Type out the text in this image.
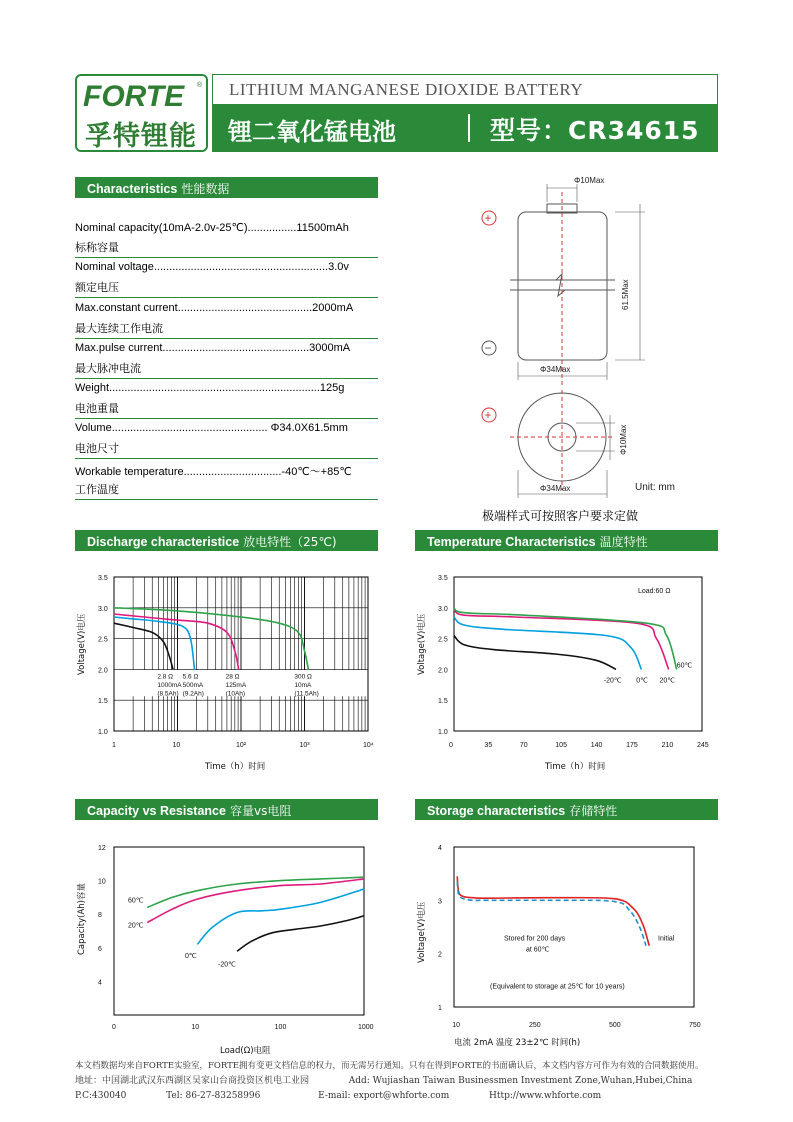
FORTE ®
孚特锂能
LITHIUM MANGANESE DIOXIDE BATTERY
锂二氧化锰电池	型号：CR34615
Characteristics 性能数据
Nominal capacity(10mA-2.0v-25℃)................11500mAh
标称容量
Nominal voltage.........................................................3.0v
额定电压
Max.constant current............................................2000mA
最大连续工作电流
Max.pulse current................................................3000mA
最大脉冲电流
Weight.....................................................................125g
电池重量
Volume................................................... Φ34.0X61.5mm
电池尺寸
Workable temperature................................-40℃～+85℃
工作温度
Φ10Max
61.5Max
Φ34Max
+
−
Φ10Max
Φ34Max
+
Unit: mm
极端样式可按照客户要求定做
Discharge characteristice 放电特性（25℃)	Temperature Characteristics 温度特性
Capacity vs Resistance 容量vs电阻	Storage characteristics 存储特性
1.0
1.5
2.0
2.5
3.0
3.5
1	10	10²	10³	10⁴
2.8 Ω
1000mA
(8.5Ah)
5.6 Ω
500mA
(9.2Ah)
28 Ω
125mA
(10Ah)
300 Ω
10mA
(11.5Ah)
Time（h）时间
Voltage(V)电压
1.0
1.5
2.0
2.5
3.0
3.5
0	35	70	105	140	175	210	245
Load:60 Ω
-20℃ 0℃ 20℃
60℃
Time（h）时间
Voltage(V)电压
4
6
8
10
12
0	10	100	1000
60℃
20℃
0℃
-20℃
Load(Ω)电阻
Capacity(Ah)容量
1
2
3
4
10	250	500	750
Stored for 200 days
at 60℃
Initial
(Equivalent to storage at 25℃ for 10 years)
电流 2mA 温度 23±2℃ 时间(h)
Voltage(V)电压
本文档数据均来自FORTE实验室，FORTE拥有变更文档信息的权力，而无需另行通知。只有在得到FORTE的书面确认后，本文档内容方可作为有效的合同数据使用。
地址：中国湖北武汉东西湖区吴家山台商投资区机电工业园	Add: Wujiashan Taiwan Businessmen Investment Zone,Wuhan,Hubei,China
P.C:430040	Tel: 86-27-83258996	E-mail: export@whforte.com	Http://www.whforte.com
